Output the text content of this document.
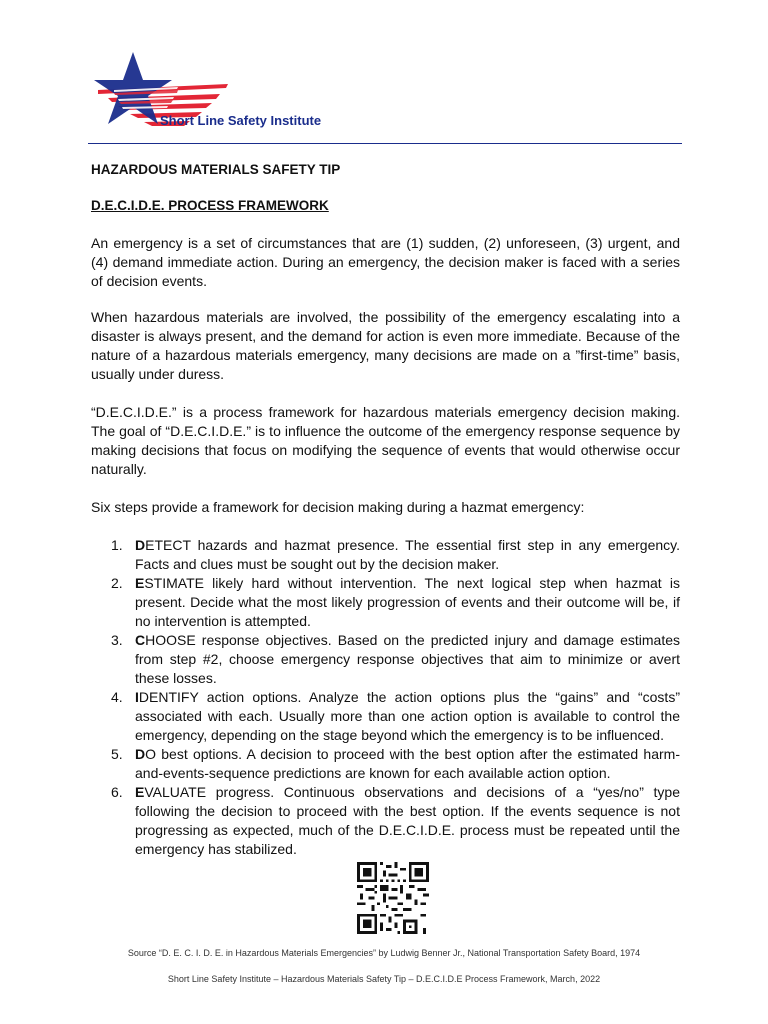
Short Line Safety Institute
HAZARDOUS MATERIALS SAFETY TIP
D.E.C.I.D.E. PROCESS FRAMEWORK

An emergency is a set of circumstances that are (1) sudden, (2) unforeseen, (3) urgent, and (4) demand immediate action. During an emergency, the decision maker is faced with a series of decision events.

When hazardous materials are involved, the possibility of the emergency escalating into a disaster is always present, and the demand for action is even more immediate. Because of the nature of a hazardous materials emergency, many decisions are made on a ”first-time” basis, usually under duress.

“D.E.C.I.D.E.” is a process framework for hazardous materials emergency decision making. The goal of “D.E.C.I.D.E.” is to influence the outcome of the emergency response sequence by making decisions that focus on modifying the sequence of events that would otherwise occur naturally.

Six steps provide a framework for decision making during a hazmat emergency:

1. DETECT hazards and hazmat presence. The essential first step in any emergency. Facts and clues must be sought out by the decision maker.
2. ESTIMATE likely hard without intervention. The next logical step when hazmat is present. Decide what the most likely progression of events and their outcome will be, if no intervention is attempted.
3. CHOOSE response objectives. Based on the predicted injury and damage estimates from step #2, choose emergency response objectives that aim to minimize or avert these losses.
4. IDENTIFY action options. Analyze the action options plus the “gains” and “costs” associated with each. Usually more than one action option is available to control the emergency, depending on the stage beyond which the emergency is to be influenced.
5. DO best options. A decision to proceed with the best option after the estimated harm-and-events-sequence predictions are known for each available action option.
6. EVALUATE progress. Continuous observations and decisions of a “yes/no” type following the decision to proceed with the best option. If the events sequence is not progressing as expected, much of the D.E.C.I.D.E. process must be repeated until the emergency has stabilized.
Source “D. E. C. I. D. E. in Hazardous Materials Emergencies” by Ludwig Benner Jr., National Transportation Safety Board, 1974
Short Line Safety Institute – Hazardous Materials Safety Tip – D.E.C.I.D.E Process Framework, March, 2022
